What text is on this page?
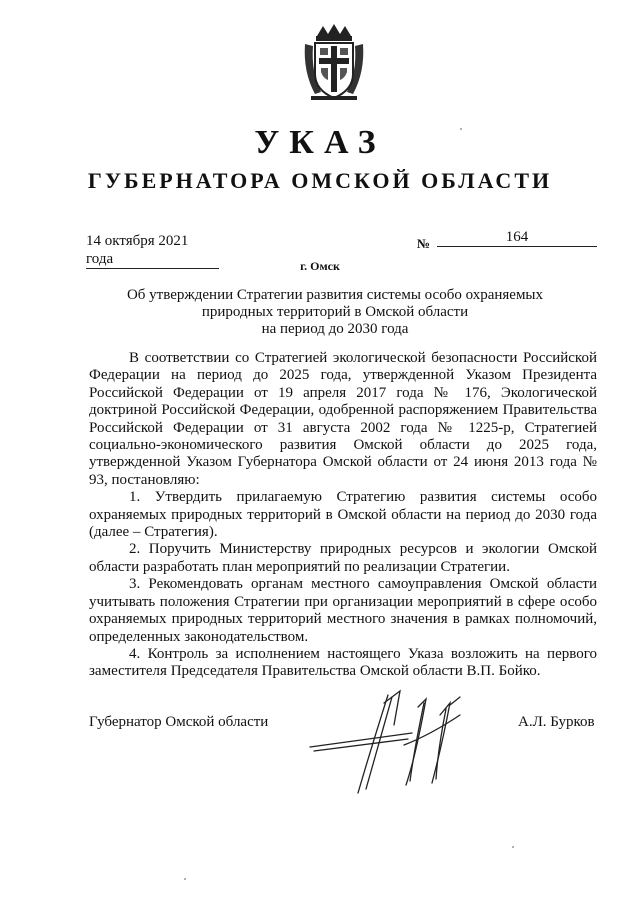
УКАЗ
ГУБЕРНАТОРА ОМСКОЙ ОБЛАСТИ
14 октября 2021 года
№	164
г. Омск
Об утверждении Стратегии развития системы особо охраняемых
природных территорий в Омской области
на период до 2030 года

В соответствии со Стратегией экологической безопасности Российской Федерации на период до 2025 года, утвержденной Указом Президента Российской Федерации от 19 апреля 2017 года № 176, Экологической доктриной Российской Федерации, одобренной распоряжением Правительства Российской Федерации от 31 августа 2002 года № 1225-р, Стратегией социально-экономического развития Омской области до 2025 года, утвержденной Указом Губернатора Омской области от 24 июня 2013 года № 93, постановляю:

1. Утвердить прилагаемую Стратегию развития системы особо охраняемых природных территорий в Омской области на период до 2030 года (далее – Стратегия).

2. Поручить Министерству природных ресурсов и экологии Омской области разработать план мероприятий по реализации Стратегии.

3. Рекомендовать органам местного самоуправления Омской области учитывать положения Стратегии при организации мероприятий в сфере особо охраняемых природных территорий местного значения в рамках полномочий, определенных законодательством.

4. Контроль за исполнением настоящего Указа возложить на первого заместителя Председателя Правительства Омской области В.П. Бойко.

Губернатор Омской области	А.Л. Бурков
